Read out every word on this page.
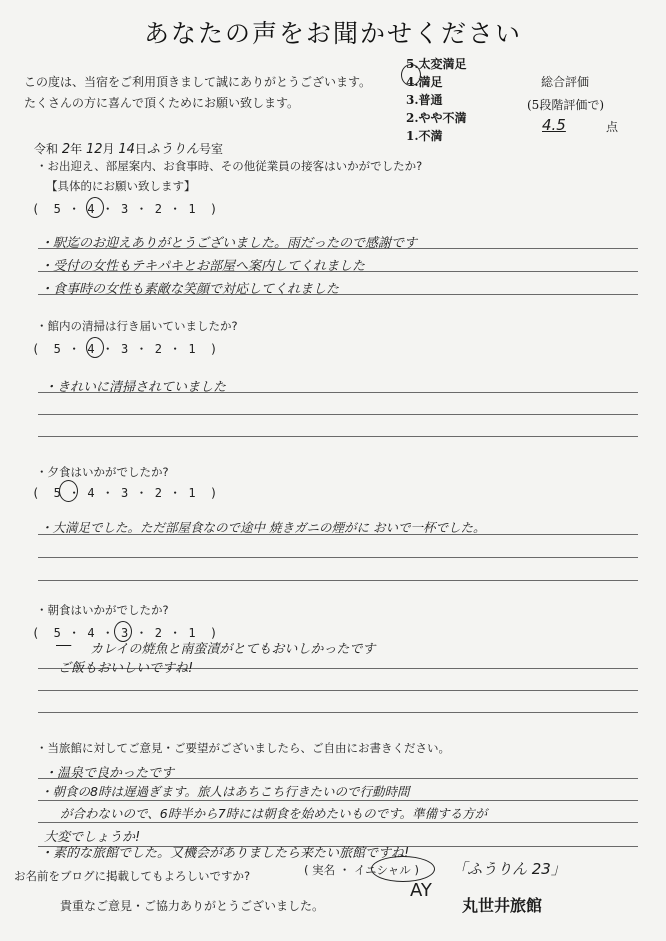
あなたの声をお聞かせください
この度は、当宿をご利用頂きまして誠にありがとうございます。
たくさんの方に喜んで頂くためにお願い致します。
5.太変満足
4.満足
3.普通
2.やや不満
1.不満
総合評価
(5段階評価で)
4.5	点
令和 2年 12月 14日ふうりん号室
・お出迎え、部屋案内、お食事時、その他従業員の接客はいかがでしたか?
【具体的にお願い致します】
(  5 ・ 4 ・ 3 ・ 2 ・ 1  )
・駅迄のお迎えありがとうございました。雨だったので感謝です
・受付の女性もテキパキとお部屋へ案内してくれました
・食事時の女性も素敵な笑顔で対応してくれました
・館内の清掃は行き届いていましたか?
(  5 ・ 4 ・ 3 ・ 2 ・ 1  )
・きれいに清掃されていました
・夕食はいかがでしたか?
(  5 ・ 4 ・ 3 ・ 2 ・ 1  )
・大満足でした。ただ部屋食なので途中 焼きガニの煙がに おいで一杯でした。
・朝食はいかがでしたか?
(  5 ・ 4 ・ 3 ・ 2 ・ 1  )

カレイの焼魚と南蛮漬がとてもおいしかったです
ご飯もおいしいですね!
・当旅館に対してご意見・ご要望がございましたら、ご自由にお書きください。
・温泉で良かったです
・朝食の8時は遅過ぎます。旅人はあちこち行きたいので行動時間
が合わないので、6時半から7時には朝食を始めたいものです。準備する方が
大変でしょうか!
・素的な旅館でした。又機会がありましたら来たい旅館ですね!
お名前をブログに掲載してもよろしいですか?	( 実名 ・ イニシャル ) 「ふうりん 23」
AY
貴重なご意見・ご協力ありがとうございました。	丸世井旅館
